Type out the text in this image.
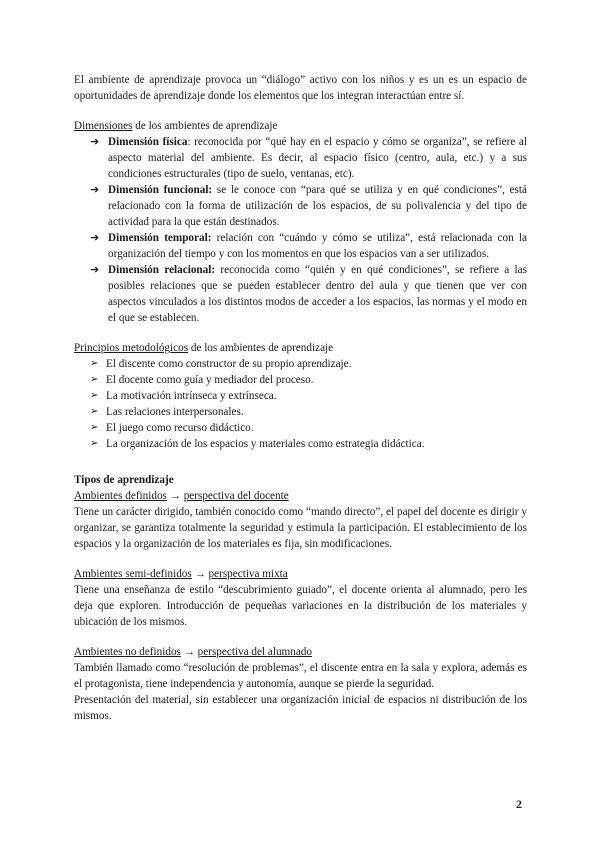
El ambiente de aprendizaje provoca un “diálogo” activo con los niños y es un es un espacio de oportunidades de aprendizaje donde los elementos que los integran interactúan entre sí.

Dimensiones de los ambientes de aprendizaje

➔ Dimensión física: reconocida por “qué hay en el espacio y cómo se organiza”, se refiere al aspecto material del ambiente. Es decir, al espacio físico (centro, aula, etc.) y a sus condiciones estructurales (tipo de suelo, ventanas, etc).
➔ Dimensión funcional: se le conoce con “para qué se utiliza y en qué condiciones”, está relacionado con la forma de utilización de los espacios, de su polivalencia y del tipo de actividad para la que están destinados.
➔ Dimensión temporal: relación con “cuándo y cómo se utiliza”, está relacionada con la organización del tiempo y con los momentos en que los espacios van a ser utilizados.
➔ Dimensión relacional: reconocida como “quién y en qué condiciones”, se refiere a las posibles relaciones que se pueden establecer dentro del aula y que tienen que ver con aspectos vinculados a los distintos modos de acceder a los espacios, las normas y el modo en el que se establecen.

Principios metodológicos de los ambientes de aprendizaje

➢ El discente como constructor de su propio aprendizaje.
➢ El docente como guía y mediador del proceso.
➢ La motivación intrínseca y extrínseca.
➢ Las relaciones interpersonales.
➢ El juego como recurso didáctico.
➢ La organización de los espacios y materiales como estrategia didáctica.

Tipos de aprendizaje

Ambientes definidos → perspectiva del docente

Tiene un carácter dirigido, también conocido como “mando directo”, el papel del docente es dirigir y organizar, se garantiza totalmente la seguridad y estimula la participación. El establecimiento de los espacios y la organización de los materiales es fija, sin modificaciones.

Ambientes semi-definidos → perspectiva mixta

Tiene una enseñanza de estilo “descubrimiento guiado”, el docente orienta al alumnado, pero les deja que exploren. Introducción de pequeñas variaciones en la distribución de los materiales y ubicación de los mismos.

Ambientes no definidos → perspectiva del alumnado

También llamado como “resolución de problemas”, el discente entra en la sala y explora, además es el protagonista, tiene independencia y autonomía, aunque se pierde la seguridad.

Presentación del material, sin establecer una organización inicial de espacios ni distribución de los mismos.

2
